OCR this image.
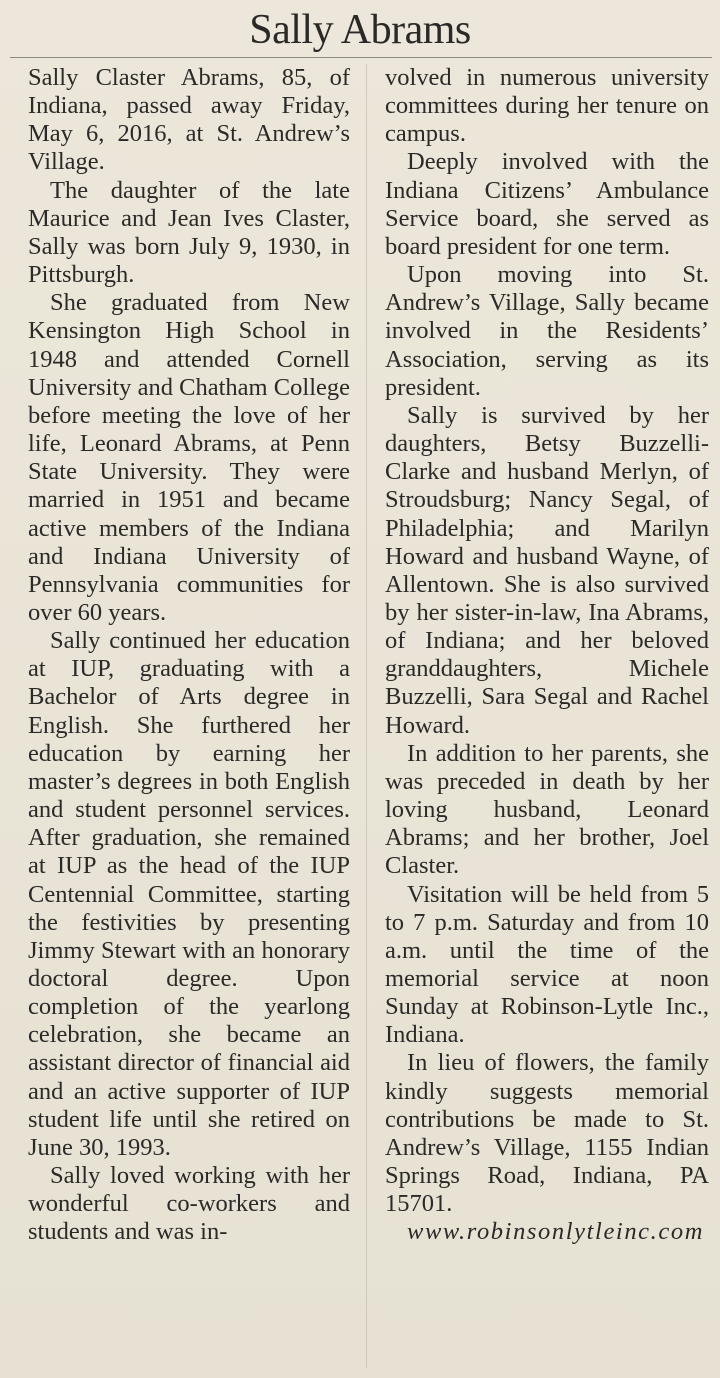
Sally Abrams

Sally Claster Abrams, 85, of Indiana, passed away Friday, May 6, 2016, at St. Andrew’s Village.

The daughter of the late Maurice and Jean Ives Claster, Sally was born July 9, 1930, in Pittsburgh.

She graduated from New Kensington High School in 1948 and attended Cornell University and Chatham College before meeting the love of her life, Leonard Abrams, at Penn State University. They were married in 1951 and became active members of the Indiana and Indiana University of Pennsylvania communities for over 60 years.

Sally continued her education at IUP, graduating with a Bachelor of Arts degree in English. She furthered her education by earning her master’s degrees in both English and student personnel services. After graduation, she remained at IUP as the head of the IUP Centennial Committee, starting the festivities by presenting Jimmy Stewart with an honorary doctoral degree. Upon completion of the yearlong celebration, she became an assistant director of financial aid and an active supporter of IUP student life until she retired on June 30, 1993.

Sally loved working with her wonderful co-workers and students and was in-

volved in numerous university committees during her tenure on campus.

Deeply involved with the Indiana Citizens’ Ambulance Service board, she served as board president for one term.

Upon moving into St. Andrew’s Village, Sally became involved in the Residents’ Association, serving as its president.

Sally is survived by her daughters, Betsy Buzzelli-Clarke and husband Merlyn, of Stroudsburg; Nancy Segal, of Philadelphia; and Marilyn Howard and husband Wayne, of Allentown. She is also survived by her sister-in-law, Ina Abrams, of Indiana; and her beloved granddaughters, Michele Buzzelli, Sara Segal and Rachel Howard.

In addition to her parents, she was preceded in death by her loving husband, Leonard Abrams; and her brother, Joel Claster.

Visitation will be held from 5 to 7 p.m. Saturday and from 10 a.m. until the time of the memorial service at noon Sunday at Robinson-Lytle Inc., Indiana.

In lieu of flowers, the family kindly suggests memorial contributions be made to St. Andrew’s Village, 1155 Indian Springs Road, Indiana, PA 15701.

www.robinsonlytleinc.com
